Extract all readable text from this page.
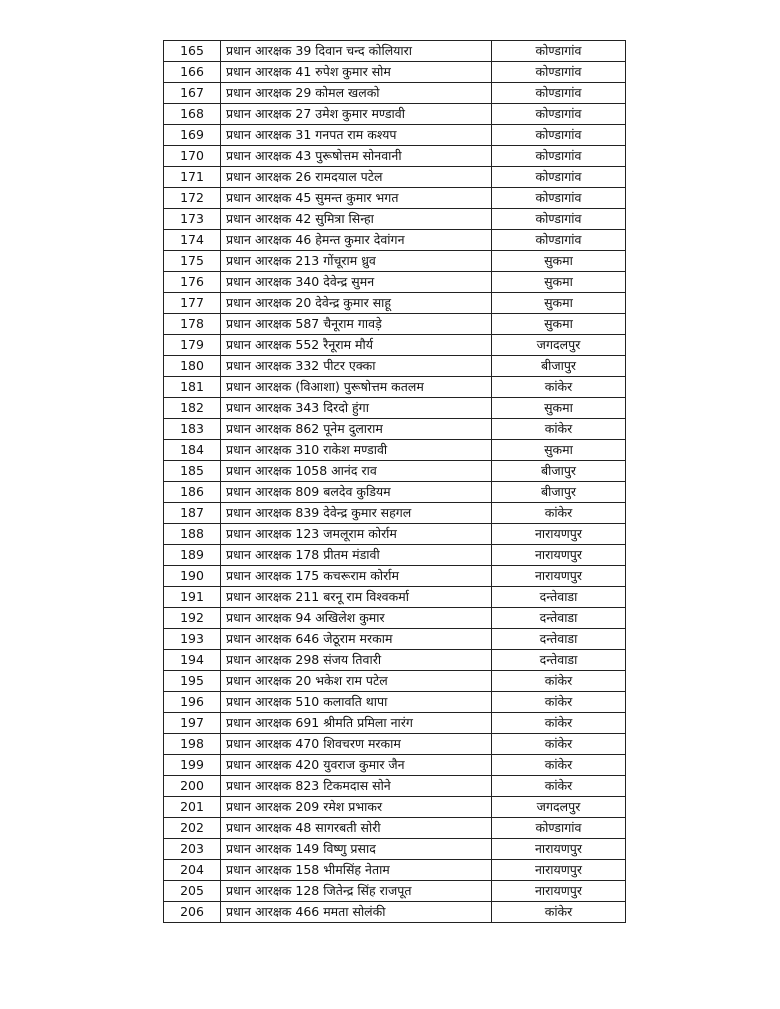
165	प्रधान आरक्षक 39 दिवान चन्द कोलियारा	कोण्डागांव
166	प्रधान आरक्षक 41 रुपेश कुमार सोम	कोण्डागांव
167	प्रधान आरक्षक 29 कोमल खलको	कोण्डागांव
168	प्रधान आरक्षक 27 उमेश कुमार मण्डावी	कोण्डागांव
169	प्रधान आरक्षक 31 गनपत राम कश्यप	कोण्डागांव
170	प्रधान आरक्षक 43 पुरूषोत्तम सोनवानी	कोण्डागांव
171	प्रधान आरक्षक 26 रामदयाल पटेल	कोण्डागांव
172	प्रधान आरक्षक 45 सुमन्त कुमार भगत	कोण्डागांव
173	प्रधान आरक्षक 42 सुमित्रा सिन्हा	कोण्डागांव
174	प्रधान आरक्षक 46 हेमन्त कुमार देवांगन	कोण्डागांव
175	प्रधान आरक्षक 213 गोंचूराम ध्रुव	सुकमा
176	प्रधान आरक्षक 340 देवेन्द्र सुमन	सुकमा
177	प्रधान आरक्षक 20 देवेन्द्र कुमार साहू	सुकमा
178	प्रधान आरक्षक 587 चैनूराम गावड़े	सुकमा
179	प्रधान आरक्षक 552 रैनूराम मौर्य	जगदलपुर
180	प्रधान आरक्षक 332 पीटर एक्का	बीजापुर
181	प्रधान आरक्षक (विआशा) पुरूषोत्तम कतलम	कांकेर
182	प्रधान आरक्षक 343 दिरदो हुंगा	सुकमा
183	प्रधान आरक्षक 862 पूनेम दुलाराम	कांकेर
184	प्रधान आरक्षक 310 राकेश मण्डावी	सुकमा
185	प्रधान आरक्षक 1058 आनंद राव	बीजापुर
186	प्रधान आरक्षक 809 बलदेव कुडियम	बीजापुर
187	प्रधान आरक्षक 839 देवेन्द्र कुमार सहगल	कांकेर
188	प्रधान आरक्षक 123 जमलूराम कोर्राम	नारायणपुर
189	प्रधान आरक्षक 178 प्रीतम मंडावी	नारायणपुर
190	प्रधान आरक्षक 175 कचरूराम कोर्राम	नारायणपुर
191	प्रधान आरक्षक 211 बरनू राम विश्वकर्मा	दन्तेवाडा
192	प्रधान आरक्षक 94 अखिलेश कुमार	दन्तेवाडा
193	प्रधान आरक्षक 646 जेठूराम मरकाम	दन्तेवाडा
194	प्रधान आरक्षक 298 संजय तिवारी	दन्तेवाडा
195	प्रधान आरक्षक 20 भकेश राम पटेल	कांकेर
196	प्रधान आरक्षक 510 कलावति थापा	कांकेर
197	प्रधान आरक्षक 691 श्रीमति प्रमिला नारंग	कांकेर
198	प्रधान आरक्षक 470 शिवचरण मरकाम	कांकेर
199	प्रधान आरक्षक 420 युवराज कुमार जैन	कांकेर
200	प्रधान आरक्षक 823 टिकमदास सोने	कांकेर
201	प्रधान आरक्षक 209 रमेश प्रभाकर	जगदलपुर
202	प्रधान आरक्षक 48 सागरबती सोरी	कोण्डागांव
203	प्रधान आरक्षक 149 विष्णु प्रसाद	नारायणपुर
204	प्रधान आरक्षक 158 भीमसिंह नेताम	नारायणपुर
205	प्रधान आरक्षक 128 जितेन्द्र सिंह राजपूत	नारायणपुर
206	प्रधान आरक्षक 466 ममता सोलंकी	कांकेर
